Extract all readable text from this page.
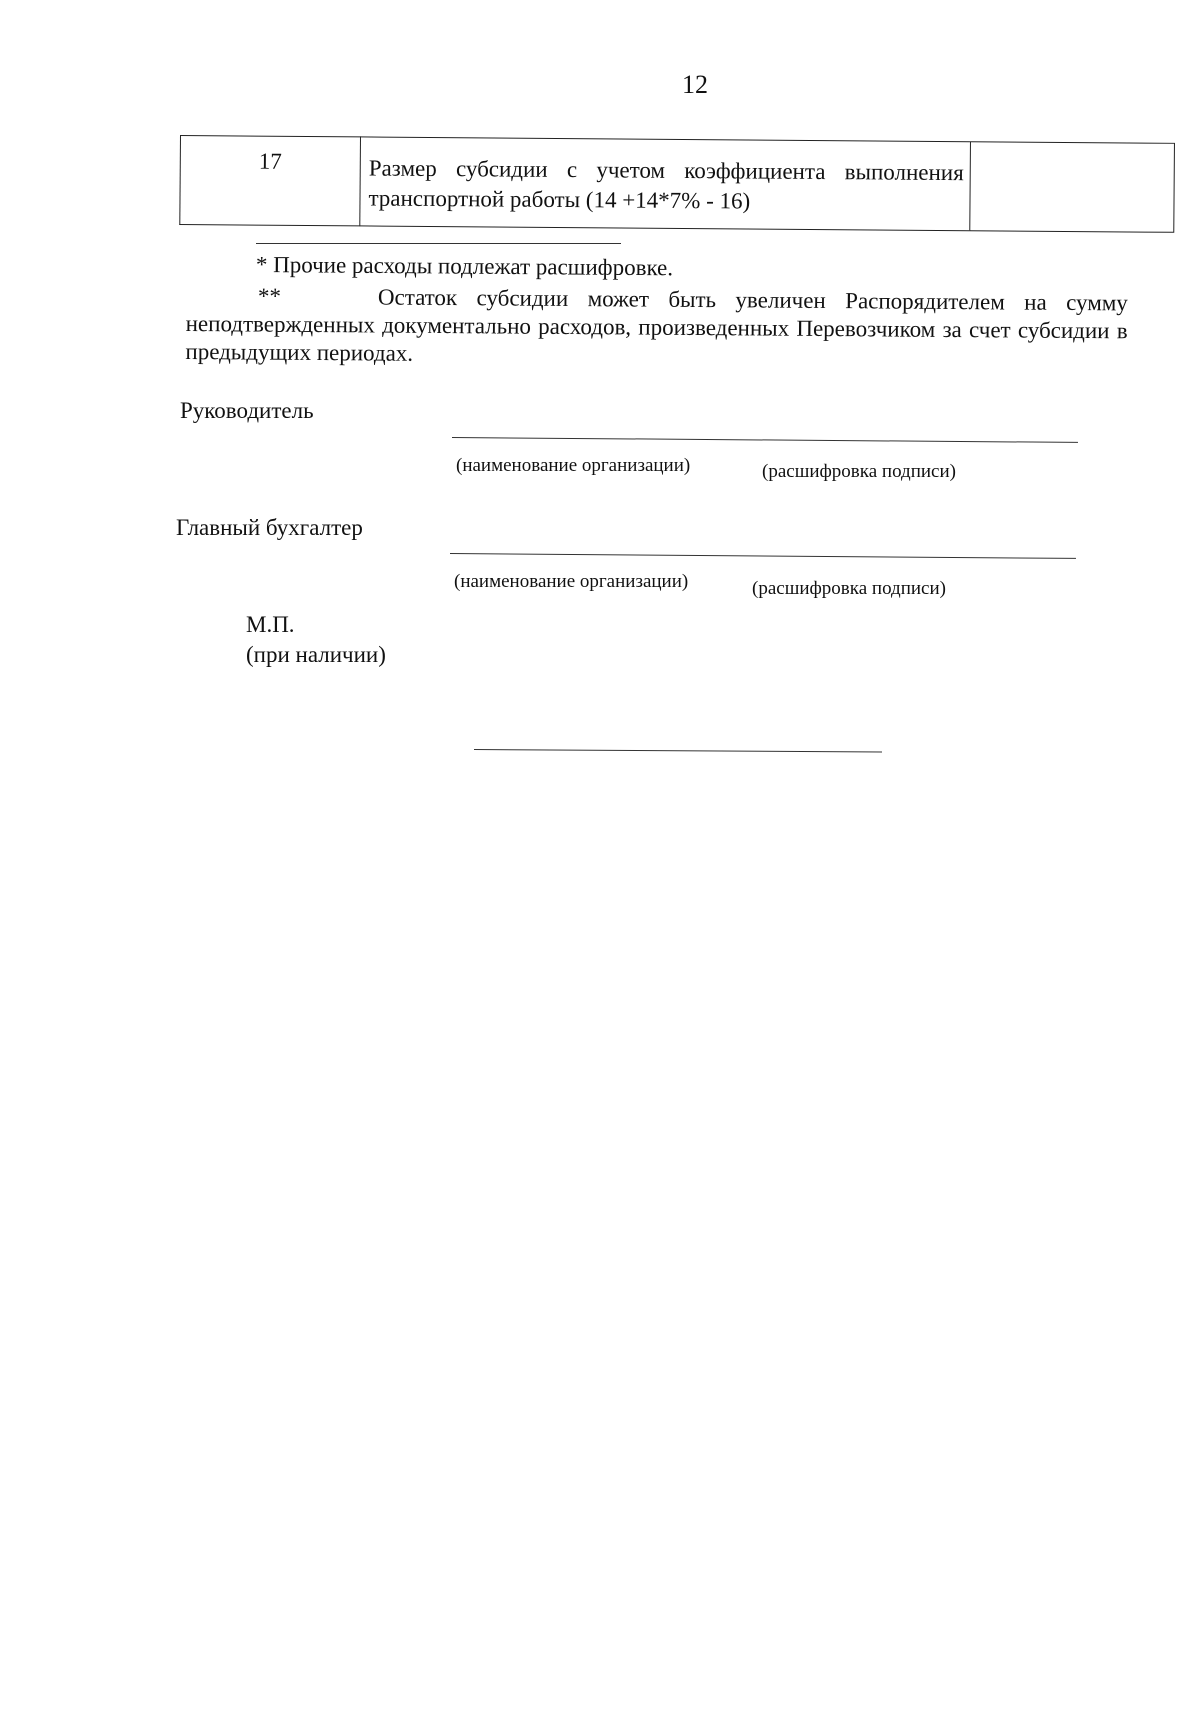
12
17	Размер субсидии с учетом коэффициента выполнения транспортной работы (14 +14*7% - 16)
* Прочие расходы подлежат расшифровке.
**	Остаток субсидии может быть увеличен Распорядителем на сумму неподтвержденных документально расходов, произведенных Перевозчиком за счет субсидии в предыдущих периодах.
Руководитель
(наименование организации)	(расшифровка подписи)
Главный бухгалтер
(наименование организации)	(расшифровка подписи)
М.П.
(при наличии)
